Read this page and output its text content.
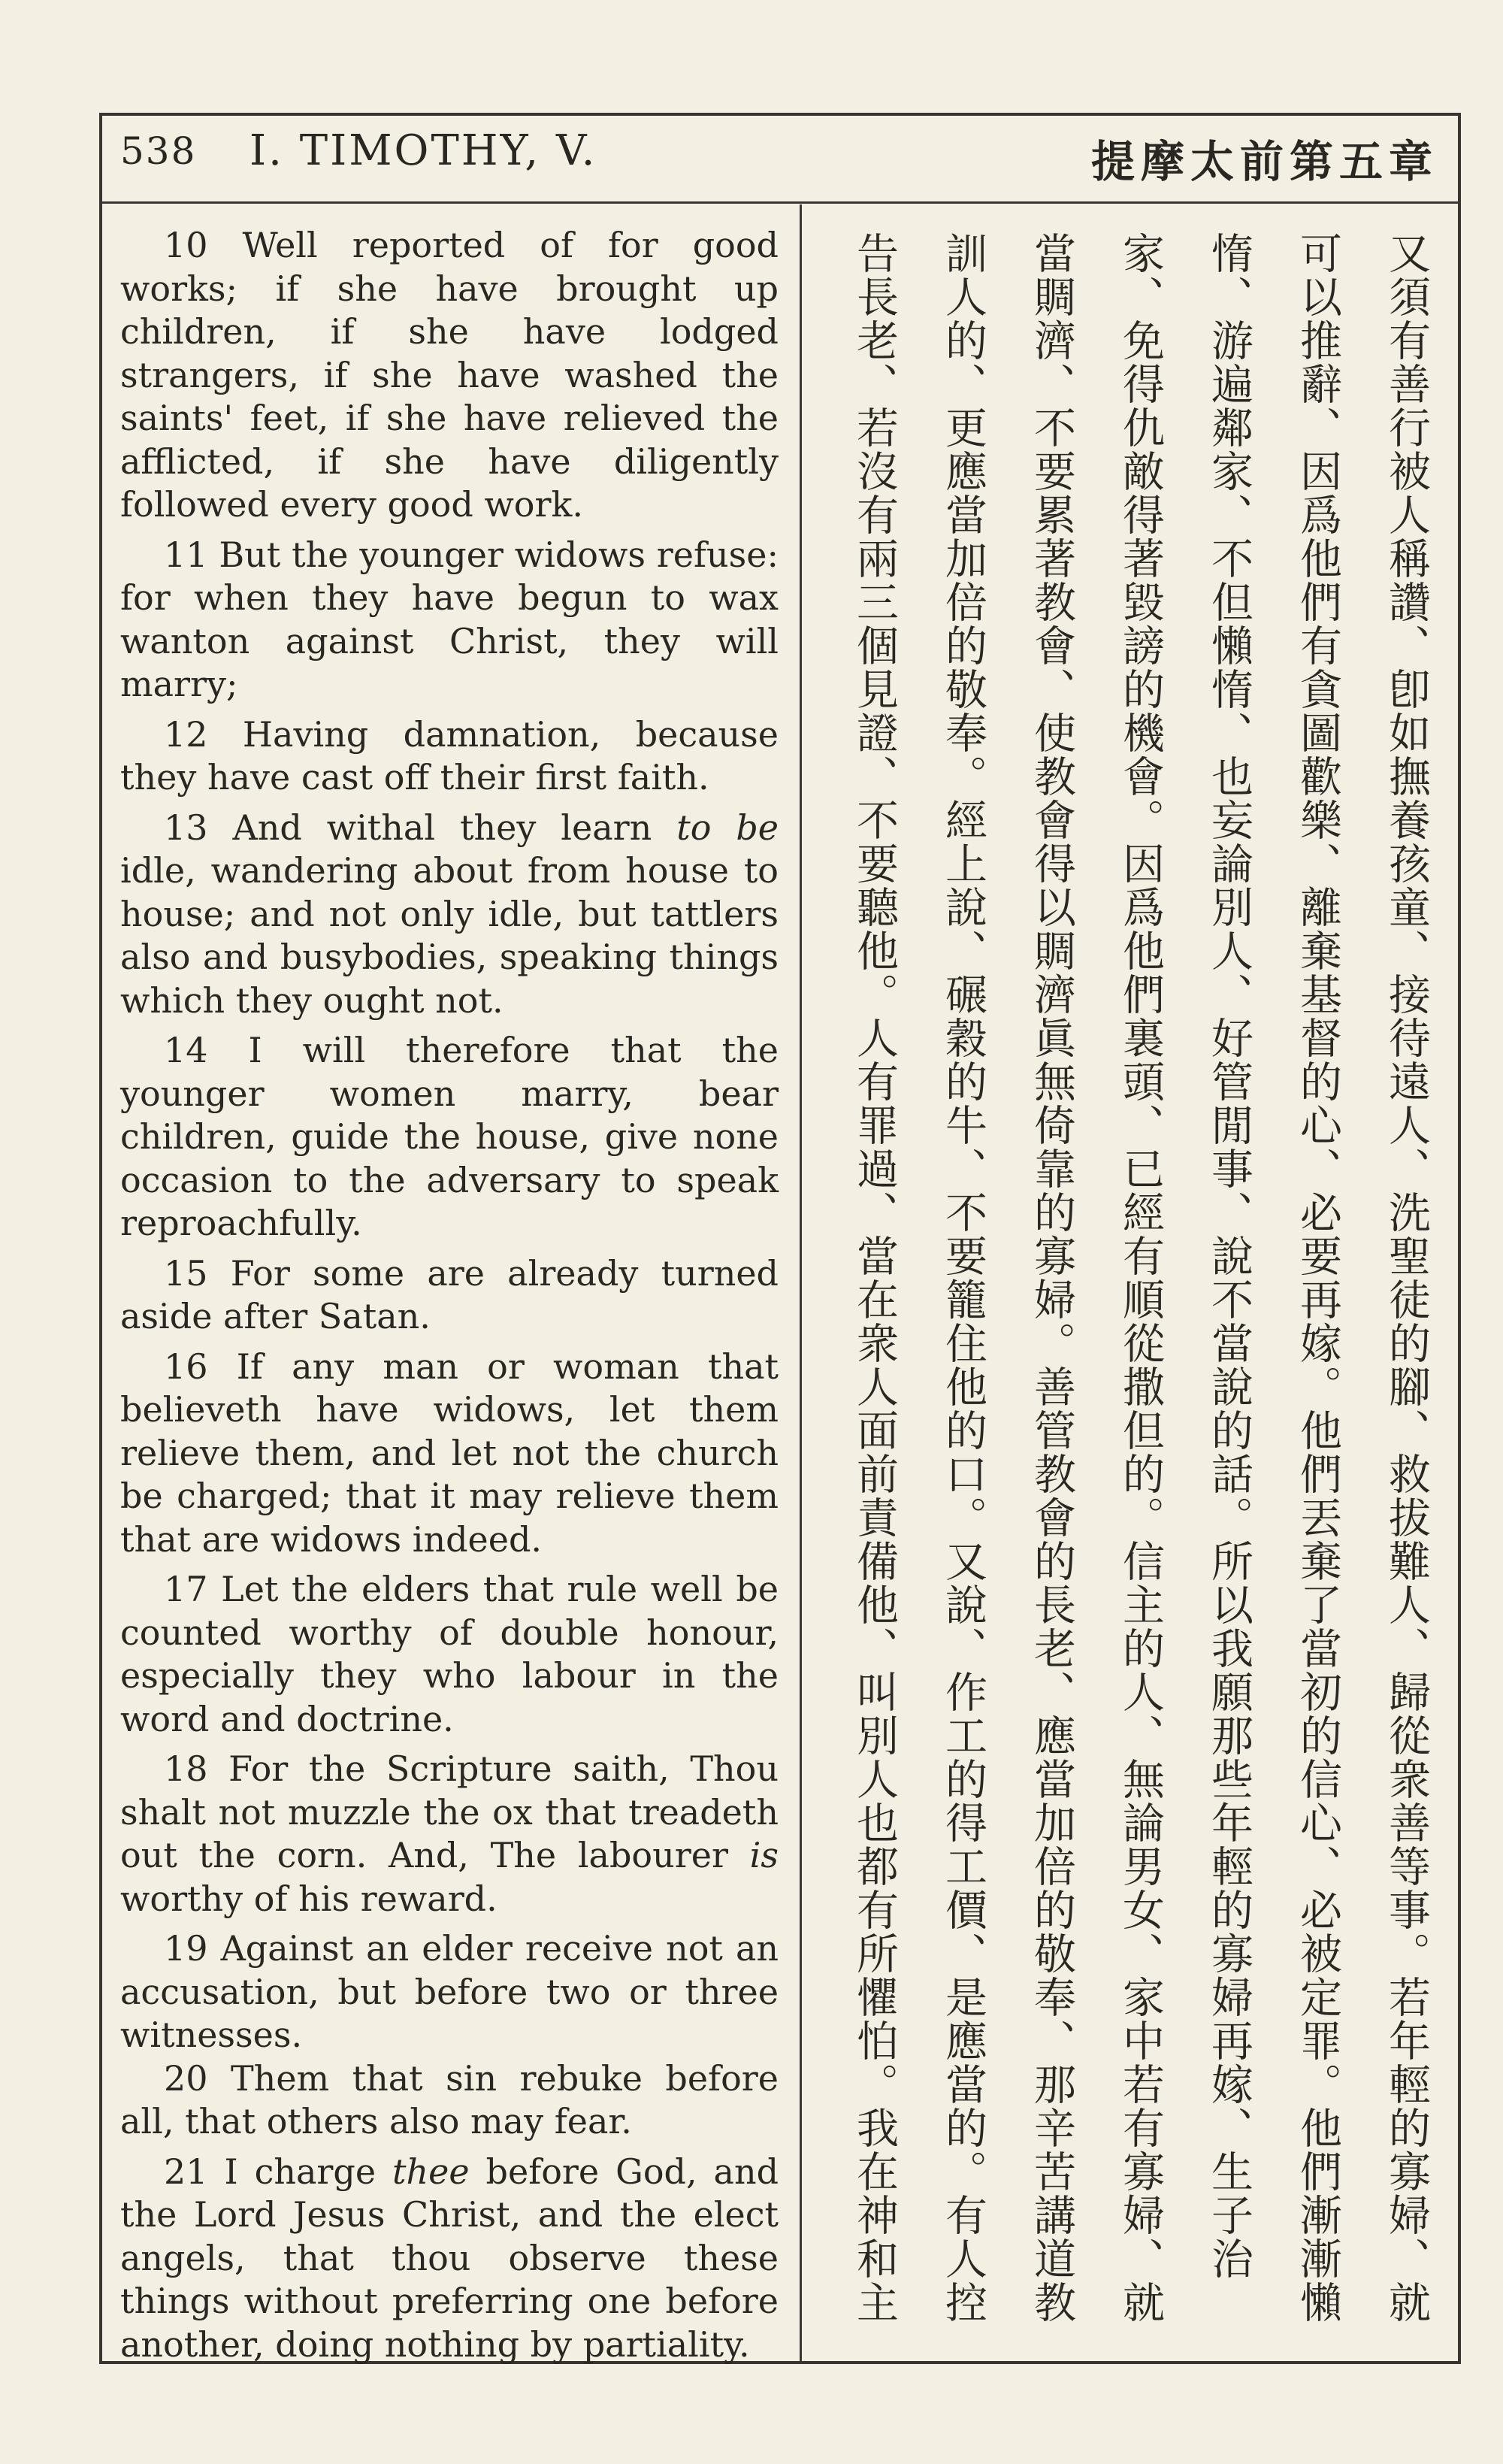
538 I. TIMOTHY, V.	提摩太前第五章

10 Well reported of for good works; if she have brought up children, if she have lodged strangers, if she have washed the saints' feet, if she have relieved the afflicted, if she have diligently followed every good work.

11 But the younger widows refuse: for when they have begun to wax wanton against Christ, they will marry;

12 Having damnation, because they have cast off their first faith.

13 And withal they learn to be idle, wandering about from house to house; and not only idle, but tattlers also and busybodies, speaking things which they ought not.

14 I will therefore that the younger women marry, bear children, guide the house, give none occasion to the adversary to speak reproachfully.

15 For some are already turned aside after Satan.

16 If any man or woman that believeth have widows, let them relieve them, and let not the church be charged; that it may relieve them that are widows indeed.

17 Let the elders that rule well be counted worthy of double honour, especially they who labour in the word and doctrine.

18 For the Scripture saith, Thou shalt not muzzle the ox that treadeth out the corn. And, The labourer is worthy of his reward.

19 Against an elder receive not an accusation, but before two or three witnesses.

20 Them that sin rebuke before all, that others also may fear.

21 I charge thee before God, and the Lord Jesus Christ, and the elect angels, that thou observe these things without preferring one before another, doing nothing by partiality.

又須有善行被人稱讚、卽如撫養孩童、接待遠人、洗聖徒的腳、救拔難人、歸從衆善等事。若年輕的寡婦、就可以推辭、因爲他們有貪圖歡樂、離棄基督的心、必要再嫁。他們丟棄了當初的信心、必被定罪。他們漸漸懶惰、游遍鄰家、不但懶惰、也妄論別人、好管閒事、說不當說的話。所以我願那些年輕的寡婦再嫁、生子治家、免得仇敵得著毀謗的機會。因爲他們裏頭、已經有順從撒但的。信主的人、無論男女、家中若有寡婦、就當賙濟、不要累著教會、使教會得以賙濟眞無倚靠的寡婦。善管教會的長老、應當加倍的敬奉、那辛苦講道教訓人的、更應當加倍的敬奉。經上說、碾穀的牛、不要籠住他的口。又說、作工的得工價、是應當的。有人控告長老、若沒有兩三個見證、不要聽他。人有罪過、當在衆人面前責備他、叫別人也都有所懼怕。我在神和主
